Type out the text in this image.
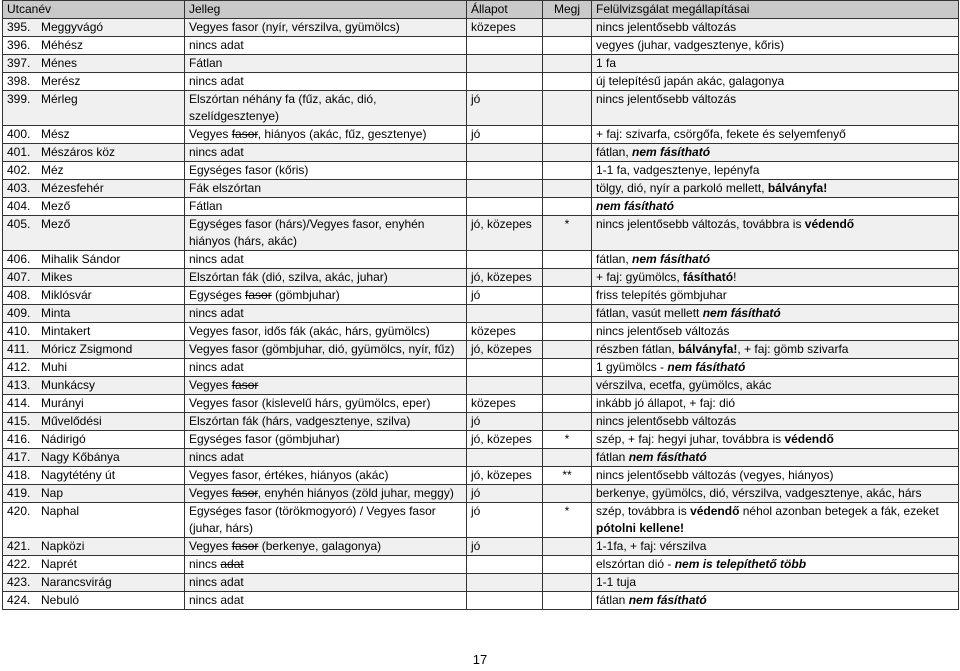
Utcanév	Jelleg	Állapot	Megj	Felülvizsgálat megállapításai
395. Meggyvágó	Vegyes fasor (nyír, vérszilva, gyümölcs)	közepes		nincs jelentősebb változás
396. Méhész	nincs adat			vegyes (juhar, vadgesztenye, kőris)
397. Ménes	Fátlan			1 fa
398. Merész	nincs adat			új telepítésű japán akác, galagonya
399. Mérleg	Elszórtan néhány fa (fűz, akác, dió, szelídgesztenye)	jó		nincs jelentősebb változás
400. Mész	Vegyes fasor, hiányos (akác, fűz, gesztenye)	jó		+ faj: szivarfa, csörgőfa, fekete és selyemfenyő
401. Mészáros köz	nincs adat			fátlan, nem fásítható
402. Méz	Egységes fasor (kőris)			1-1 fa, vadgesztenye, lepényfa
403. Mézesfehér	Fák elszórtan			tölgy, dió, nyír a parkoló mellett, bálványfa!
404. Mező	Fátlan			nem fásítható
405. Mező	Egységes fasor (hárs)/Vegyes fasor, enyhén hiányos (hárs, akác)	jó, közepes	*	nincs jelentősebb változás, továbbra is védendő
406. Mihalik Sándor	nincs adat			fátlan, nem fásítható
407. Mikes	Elszórtan fák (dió, szilva, akác, juhar)	jó, közepes		+ faj: gyümölcs, fásítható!
408. Miklósvár	Egységes fasor (gömbjuhar)	jó		friss telepítés gömbjuhar
409. Minta	nincs adat			fátlan, vasút mellett nem fásítható
410. Mintakert	Vegyes fasor, idős fák (akác, hárs, gyümölcs)	közepes		nincs jelentőseb változás
411. Móricz Zsigmond	Vegyes fasor (gömbjuhar, dió, gyümölcs, nyír, fűz)	jó, közepes		részben fátlan, bálványfa!, + faj: gömb szivarfa
412. Muhi	nincs adat			1 gyümölcs - nem fásítható
413. Munkácsy	Vegyes fasor			vérszilva, ecetfa, gyümölcs, akác
414. Murányi	Vegyes fasor (kislevelű hárs, gyümölcs, eper)	közepes		inkább jó állapot, + faj: dió
415. Művelődési	Elszórtan fák (hárs, vadgesztenye, szilva)	jó		nincs jelentősebb változás
416. Nádirigó	Egységes fasor (gömbjuhar)	jó, közepes	*	szép, + faj: hegyi juhar, továbbra is védendő
417. Nagy Kőbánya	nincs adat			fátlan nem fásítható
418. Nagytétény út	Vegyes fasor, értékes, hiányos (akác)	jó, közepes	**	nincs jelentősebb változás (vegyes, hiányos)
419. Nap	Vegyes fasor, enyhén hiányos (zöld juhar, meggy)	jó		berkenye, gyümölcs, dió, vérszilva, vadgesztenye, akác, hárs
420. Naphal	Egységes fasor (törökmogyoró) / Vegyes fasor (juhar, hárs)	jó	*	szép, továbbra is védendő néhol azonban betegek a fák, ezeket pótolni kellene!
421. Napközi	Vegyes fasor (berkenye, galagonya)	jó		1-1fa, + faj: vérszilva
422. Naprét	nincs adat			elszórtan dió - nem is telepíthető több
423. Narancsvirág	nincs adat			1-1 tuja
424. Nebuló	nincs adat			fátlan nem fásítható
17
